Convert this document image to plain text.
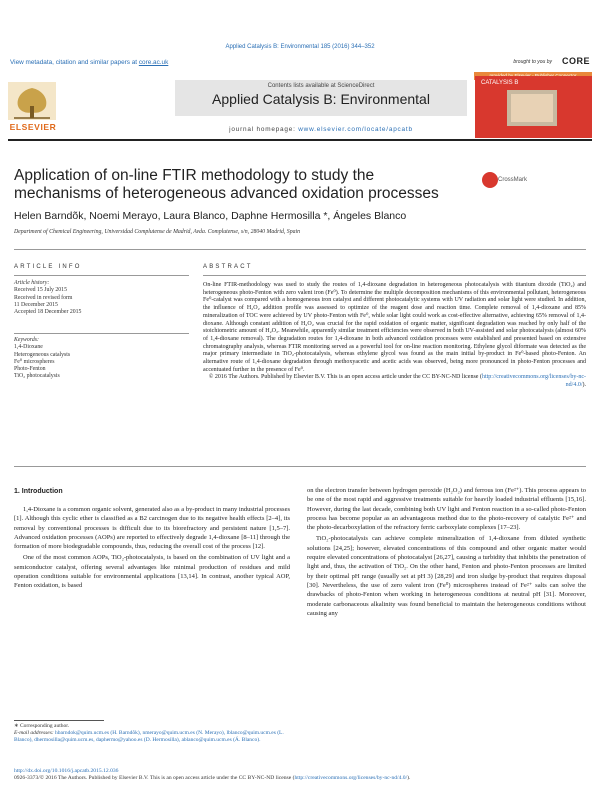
Applied Catalysis B: Environmental 185 (2016) 344–352
View metadata, citation and similar papers at core.ac.uk	brought to you by CORE
ELSEVIER
Contents lists available at ScienceDirect
Applied Catalysis B: Environmental
journal homepage: www.elsevier.com/locate/apcatb
CATALYSIS B
Application of on-line FTIR methodology to study the mechanisms of heterogeneous advanced oxidation processes
CrossMark
Helen Barndõk, Noemi Merayo, Laura Blanco, Daphne Hermosilla *, Ángeles Blanco
Department of Chemical Engineering, Universidad Complutense de Madrid, Avda. Complutense, s/n, 28040 Madrid, Spain
ARTICLE INFO	ABSTRACT
Article history:
Received 15 July 2015
Received in revised form
11 December 2015
Accepted 18 December 2015
Keywords:
1,4-Dioxane
Heterogeneous catalysts
Fe⁰ microspheres
Photo-Fenton
TiO₂ photocatalysis

On-line FTIR-methodology was used to study the routes of 1,4-dioxane degradation in heterogeneous photocatalysis with titanium dioxide (TiO₂) and heterogeneous photo-Fenton with zero valent iron (Fe⁰). To determine the multiple decomposition mechanisms of this environmental pollutant, heterogeneous Fe⁰-catalyst was compared with a homogeneous iron catalyst and different photocatalytic systems with UV radiation and solar light were studied. In addition, the influence of H₂O₂ addition profile was assessed to optimize of the reagent dose and reaction time. Complete removal of 1,4-dioxane and 85% mineralization of TOC were achieved by UV photo-Fenton with Fe⁰, while solar light could work as cost-effective alternative, achieving 65% removal of 1,4-dioxane. Although constant addition of H₂O₂ was crucial for the rapid oxidation of organic matter, significant degradation was reached by only half of the stoichiometric amount of H₂O₂. Meanwhile, apparently similar treatment efficiencies were observed in both UV-assisted and solar photocatalysis (almost 60% of 1,4-dioxane removal). The degradation routes for 1,4-dioxane in both advanced oxidation processes were established and presented based on extensive chromatography analysis, whereas FTIR monitoring served as a powerful tool for on-line reaction monitoring. Ethylene glycol diformate was detected as the major primary intermediate in TiO₂-photocatalysis, whereas ethylene glycol was found as the main initial by-product in Fe⁰-based photo-Fenton. An alternative route of 1,4-dioxane degradation through methoxyacetic and acetic acids was observed, being more pronounced in photo-Fenton processes and accentuated further in the presence of Fe⁰.

© 2016 The Authors. Published by Elsevier B.V. This is an open access article under the CC BY-NC-ND license (http://creativecommons.org/licenses/by-nc-nd/4.0/).

1. Introduction

1,4-Dioxane is a common organic solvent, generated also as a by-product in many industrial processes [1]. Although this cyclic ether is classified as a B2 carcinogen due to its negative health effects [2–4], its removal by conventional processes is difficult due to its biorefractory and persistent nature [1,5–7]. Advanced oxidation processes (AOPs) are reported to effectively degrade 1,4-dioxane [8–11] through the formation of more biodegradable compounds, thus, reducing the overall cost of the process [12].

One of the most common AOPs, TiO₂-photocatalysis, is based on the combination of UV light and a semiconductor catalyst, offering several advantages like minimal production of residues and mild operation conditions suitable for environmental applications [13,14]. In contrast, another typical AOP, Fenton oxidation, is based

on the electron transfer between hydrogen peroxide (H₂O₂) and ferrous ion (Fe²⁺). This process appears to be one of the most rapid and aggressive treatments suitable for heavily loaded industrial effluents [15,16]. However, during the last decade, combining both UV light and Fenton reaction in a so-called photo-Fenton process has become popular as an advantageous method due to the photo-recovery of catalytic Fe²⁺ and the photo-decarboxylation of the refractory ferric carboxylate complexes [17–23].

TiO₂-photocatalysis can achieve complete mineralization of 1,4-dioxane from diluted synthetic solutions [24,25]; however, elevated concentrations of this compound and other organic matter would require elevated concentrations of photocatalyst [26,27], causing a turbidity that inhibits the penetration of light and, thus, the activation of TiO₂. On the other hand, Fenton and photo-Fenton processes are limited by their optimal pH range (usually set at pH 3) [28,29] and iron sludge by-product that requires disposal [30]. Nevertheless, the use of zero valent iron (Fe⁰) microspheres instead of Fe²⁺ salts can solve the drawbacks of photo-Fenton when working in heterogeneous conditions at neutral pH [31]. Moreover, moderate carbonaceous alkalinity was found beneficial to maintain the heterogeneous conditions without causing any

∗ Corresponding author.
E-mail addresses: hbarndok@quim.ucm.es (H. Barndõk), nmerayo@quim.ucm.es (N. Merayo), lblanco@quim.ucm.es (L. Blanco), dhermosilla@quim.ucm.es, daphermo@yahoo.es (D. Hermosilla), ablanco@quim.ucm.es (Á. Blanco).
http://dx.doi.org/10.1016/j.apcatb.2015.12.036
0926-3373/© 2016 The Authors. Published by Elsevier B.V. This is an open access article under the CC BY-NC-ND license (http://creativecommons.org/licenses/by-nc-nd/4.0/).
